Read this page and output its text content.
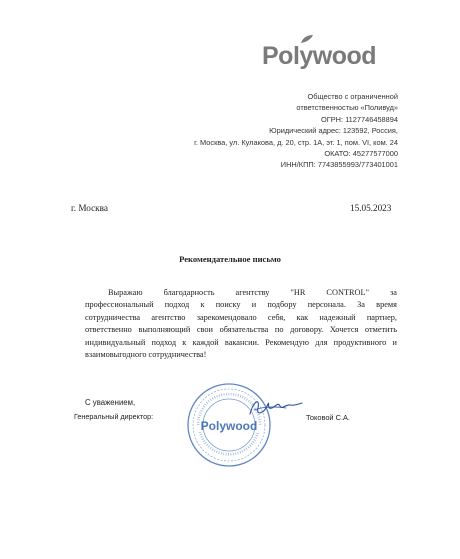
Polywood
Общество с ограниченной
ответственностью «Поливуд»
ОГРН: 1127746458894
Юридический адрес: 123592, Россия,
г. Москва, ул. Кулакова, д. 20, стр. 1А, эт. 1, пом. VI, ком. 24
ОКАТО: 45277577000
ИНН/КПП: 7743855993/773401001
г. Москва	15.05.2023
Рекомендательное письмо
Выражаю благодарность агентству "HR CONTROL" за
профессиональный подход к поиску и подбору персонала. За время
сотрудничества агентство зарекомендовало себя, как надежный партнер,
ответственно выполняющий свои обязательства по договору. Хочется отметить
индивидуальный подход к каждой вакансии. Рекомендую для продуктивного и
взаимовыгодного сотрудничества!
С уважением,
Генеральный директор:
Polywood
Токовой С.А.
